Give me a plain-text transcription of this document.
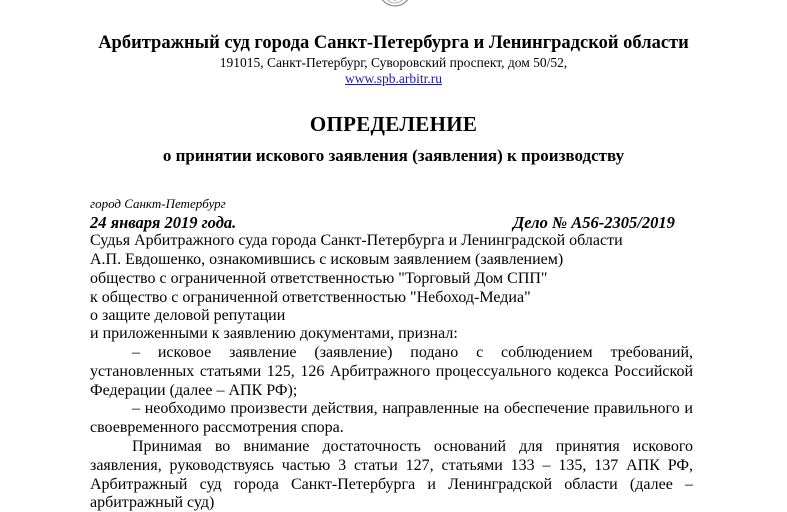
Арбитражный суд города Санкт-Петербурга и Ленинградской области
191015, Санкт-Петербург, Суворовский проспект, дом 50/52,
www.spb.arbitr.ru
ОПРЕДЕЛЕНИЕ
о принятии искового заявления (заявления) к производству
город Санкт-Петербург
24 января 2019 года.	Дело № А56-2305/2019
Судья Арбитражного суда города Санкт-Петербурга и Ленинградской области
А.П. Евдошенко, ознакомившись с исковым заявлением (заявлением)
общество с ограниченной ответственностью "Торговый Дом СПП"
к общество с ограниченной ответственностью "Небоход-Медиа"
о защите деловой репутации
и приложенными к заявлению документами, признал:
– исковое заявление (заявление) подано с соблюдением требований,
установленных статьями 125, 126 Арбитражного процессуального кодекса Российской
Федерации (далее – АПК РФ);
– необходимо произвести действия, направленные на обеспечение правильного и
своевременного рассмотрения спора.
Принимая во внимание достаточность оснований для принятия искового
заявления, руководствуясь частью 3 статьи 127, статьями 133 – 135, 137 АПК РФ,
Арбитражный суд города Санкт-Петербурга и Ленинградской области (далее –
арбитражный суд)
